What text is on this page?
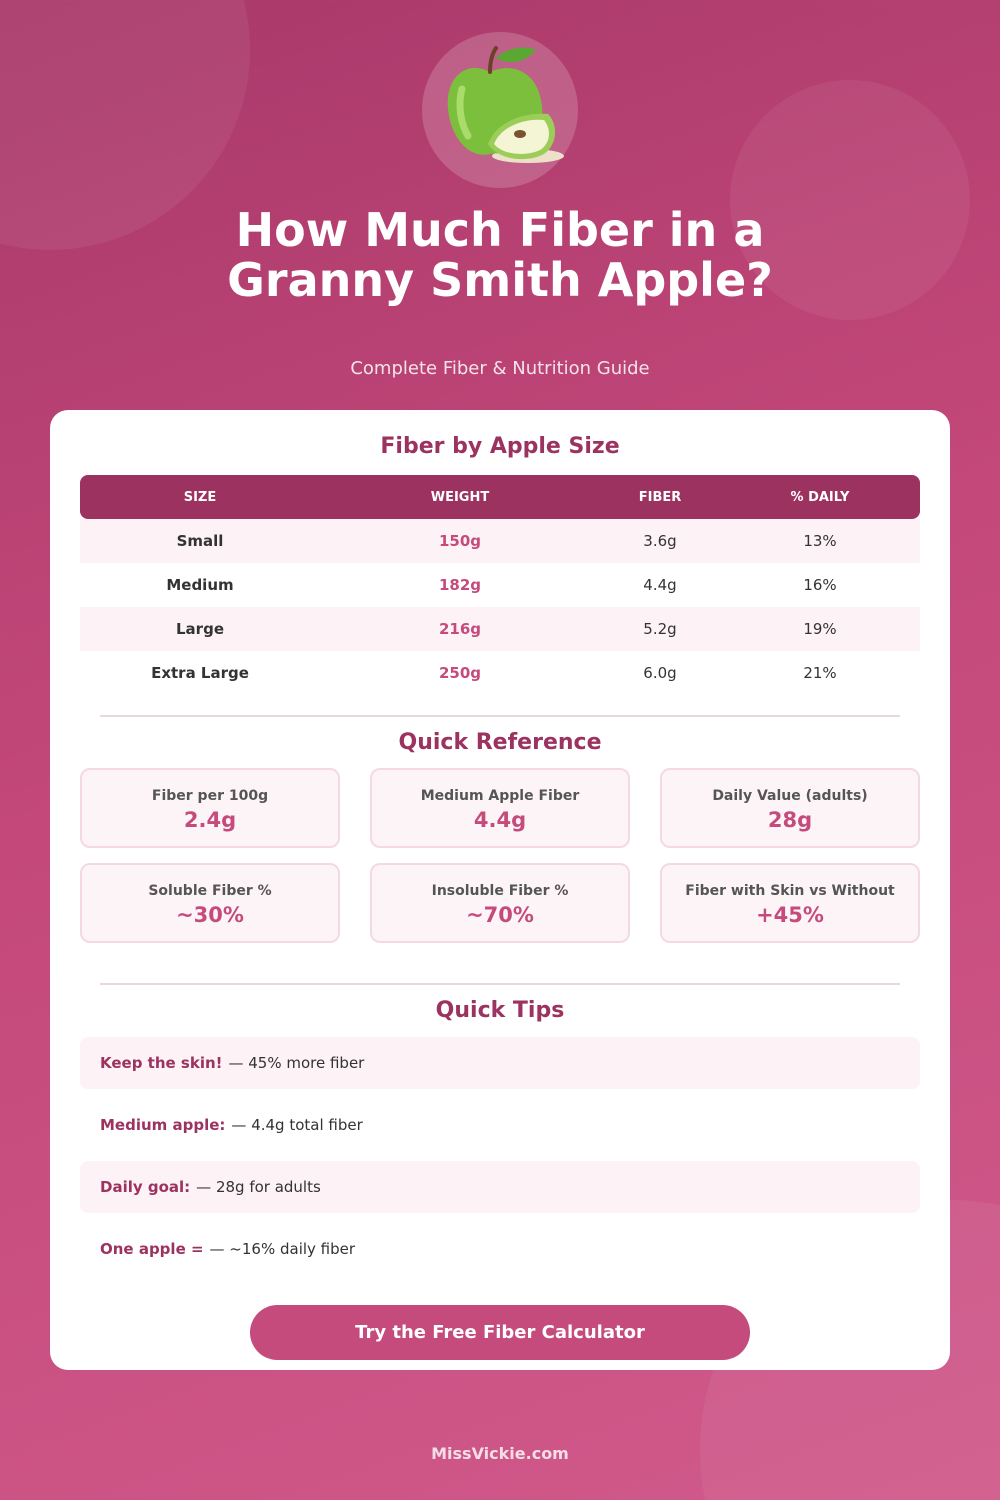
How Much Fiber in a
Granny Smith Apple?
Complete Fiber & Nutrition Guide
Fiber by Apple Size
SIZE	WEIGHT	FIBER	% DAILY
Small	150g	3.6g	13%
Medium	182g	4.4g	16%
Large	216g	5.2g	19%
Extra Large	250g	6.0g	21%
Quick Reference
Fiber per 100g
2.4g
Medium Apple Fiber
4.4g
Daily Value (adults)
28g
Soluble Fiber %
~30%
Insoluble Fiber %
~70%
Fiber with Skin vs Without
+45%
Quick Tips
Keep the skin! — 45% more fiber
Medium apple: — 4.4g total fiber
Daily goal: — 28g for adults
One apple = — ~16% daily fiber
Try the Free Fiber Calculator
MissVickie.com
